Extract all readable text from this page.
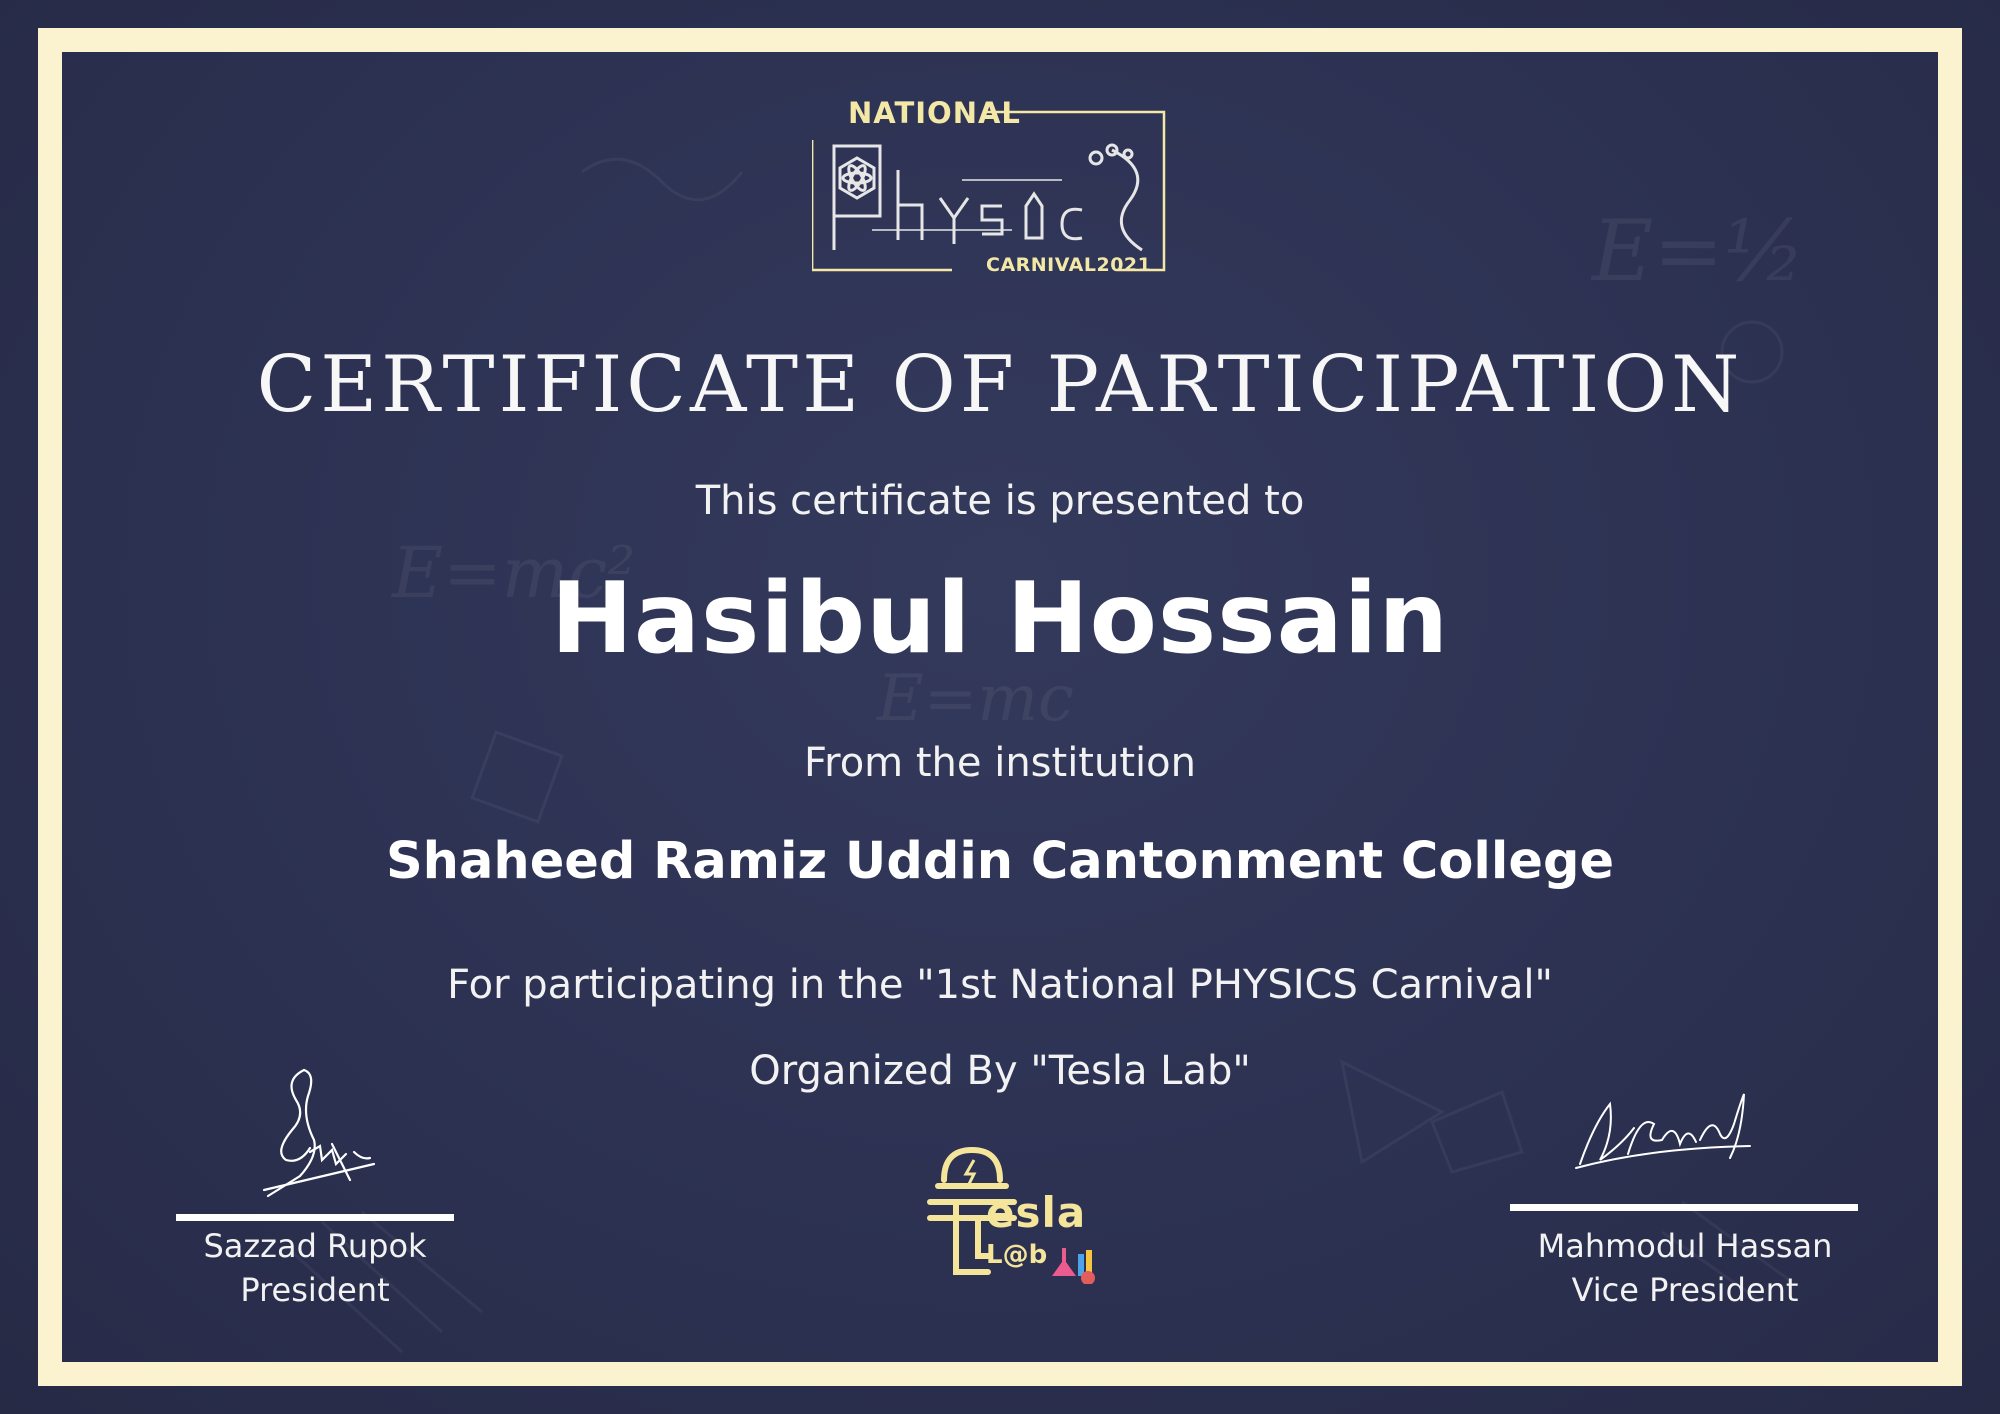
E=mc²
E=mc
E=½
NATIONAL
CARNIVAL2021
CERTIFICATE OF PARTICIPATION
This certificate is presented to
Hasibul Hossain
From the institution
Shaheed Ramiz Uddin Cantonment College
For participating in the "1st National PHYSICS Carnival"
Organized By "Tesla Lab"
Sazzad Rupok
President
esla
L@b	Mahmodul Hassan
Vice President
